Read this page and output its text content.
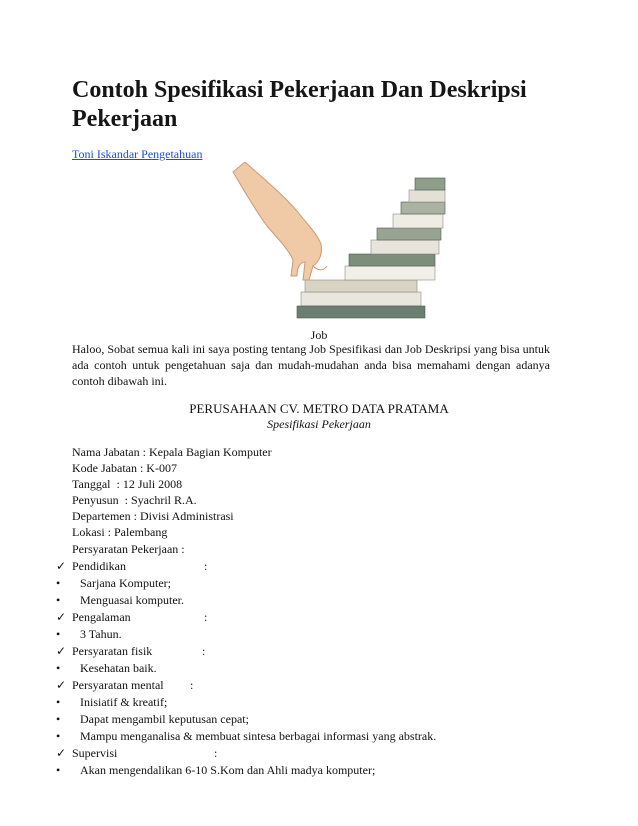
Contoh Spesifikasi Pekerjaan Dan Deskripsi Pekerjaan
Toni Iskandar Pengetahuan
Job

Haloo, Sobat semua kali ini saya posting tentang Job Spesifikasi dan Job Deskripsi yang bisa untuk ada contoh untuk pengetahuan saja dan mudah-mudahan anda bisa memahami dengan adanya contoh dibawah ini.

PERUSAHAAN CV. METRO DATA PRATAMA
Spesifikasi Pekerjaan
Nama Jabatan : Kepala Bagian Komputer
Kode Jabatan : K-007
Tanggal  : 12 Juli 2008
Penyusun  : Syachril R.A.
Departemen : Divisi Administrasi
Lokasi : Palembang
Persyaratan Pekerjaan :

✓

Pendidikan

	:

•

	Sarjana Komputer;

•

	Menguasai komputer.

✓

Pengalaman

	:

•

	3 Tahun.

✓

Persyaratan fisik

	:

•

	Kesehatan baik.

✓

Persyaratan mental

:

•

	Inisiatif & kreatif;

•

	Dapat mengambil keputusan cepat;

•

	Mampu menganalisa & membuat sintesa berbagai informasi yang abstrak.

✓

Supervisi

	:

•

	Akan mengendalikan 6-10 S.Kom dan Ahli madya komputer;
